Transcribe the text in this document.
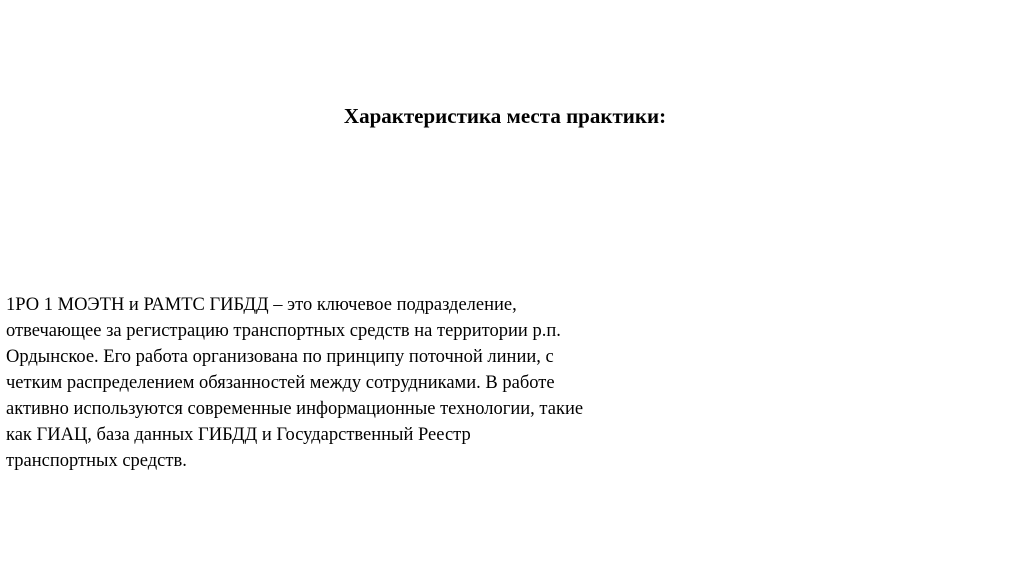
Характеристика места практики:

1РО 1 МОЭТН и РАМТС ГИБДД – это ключевое подразделение,
отвечающее за регистрацию транспортных средств на территории р.п.
Ордынское. Его работа организована по принципу поточной линии, с
четким распределением обязанностей между сотрудниками. В работе
активно используются современные информационные технологии, такие
как ГИАЦ, база данных ГИБДД и Государственный Реестр
транспортных средств.
